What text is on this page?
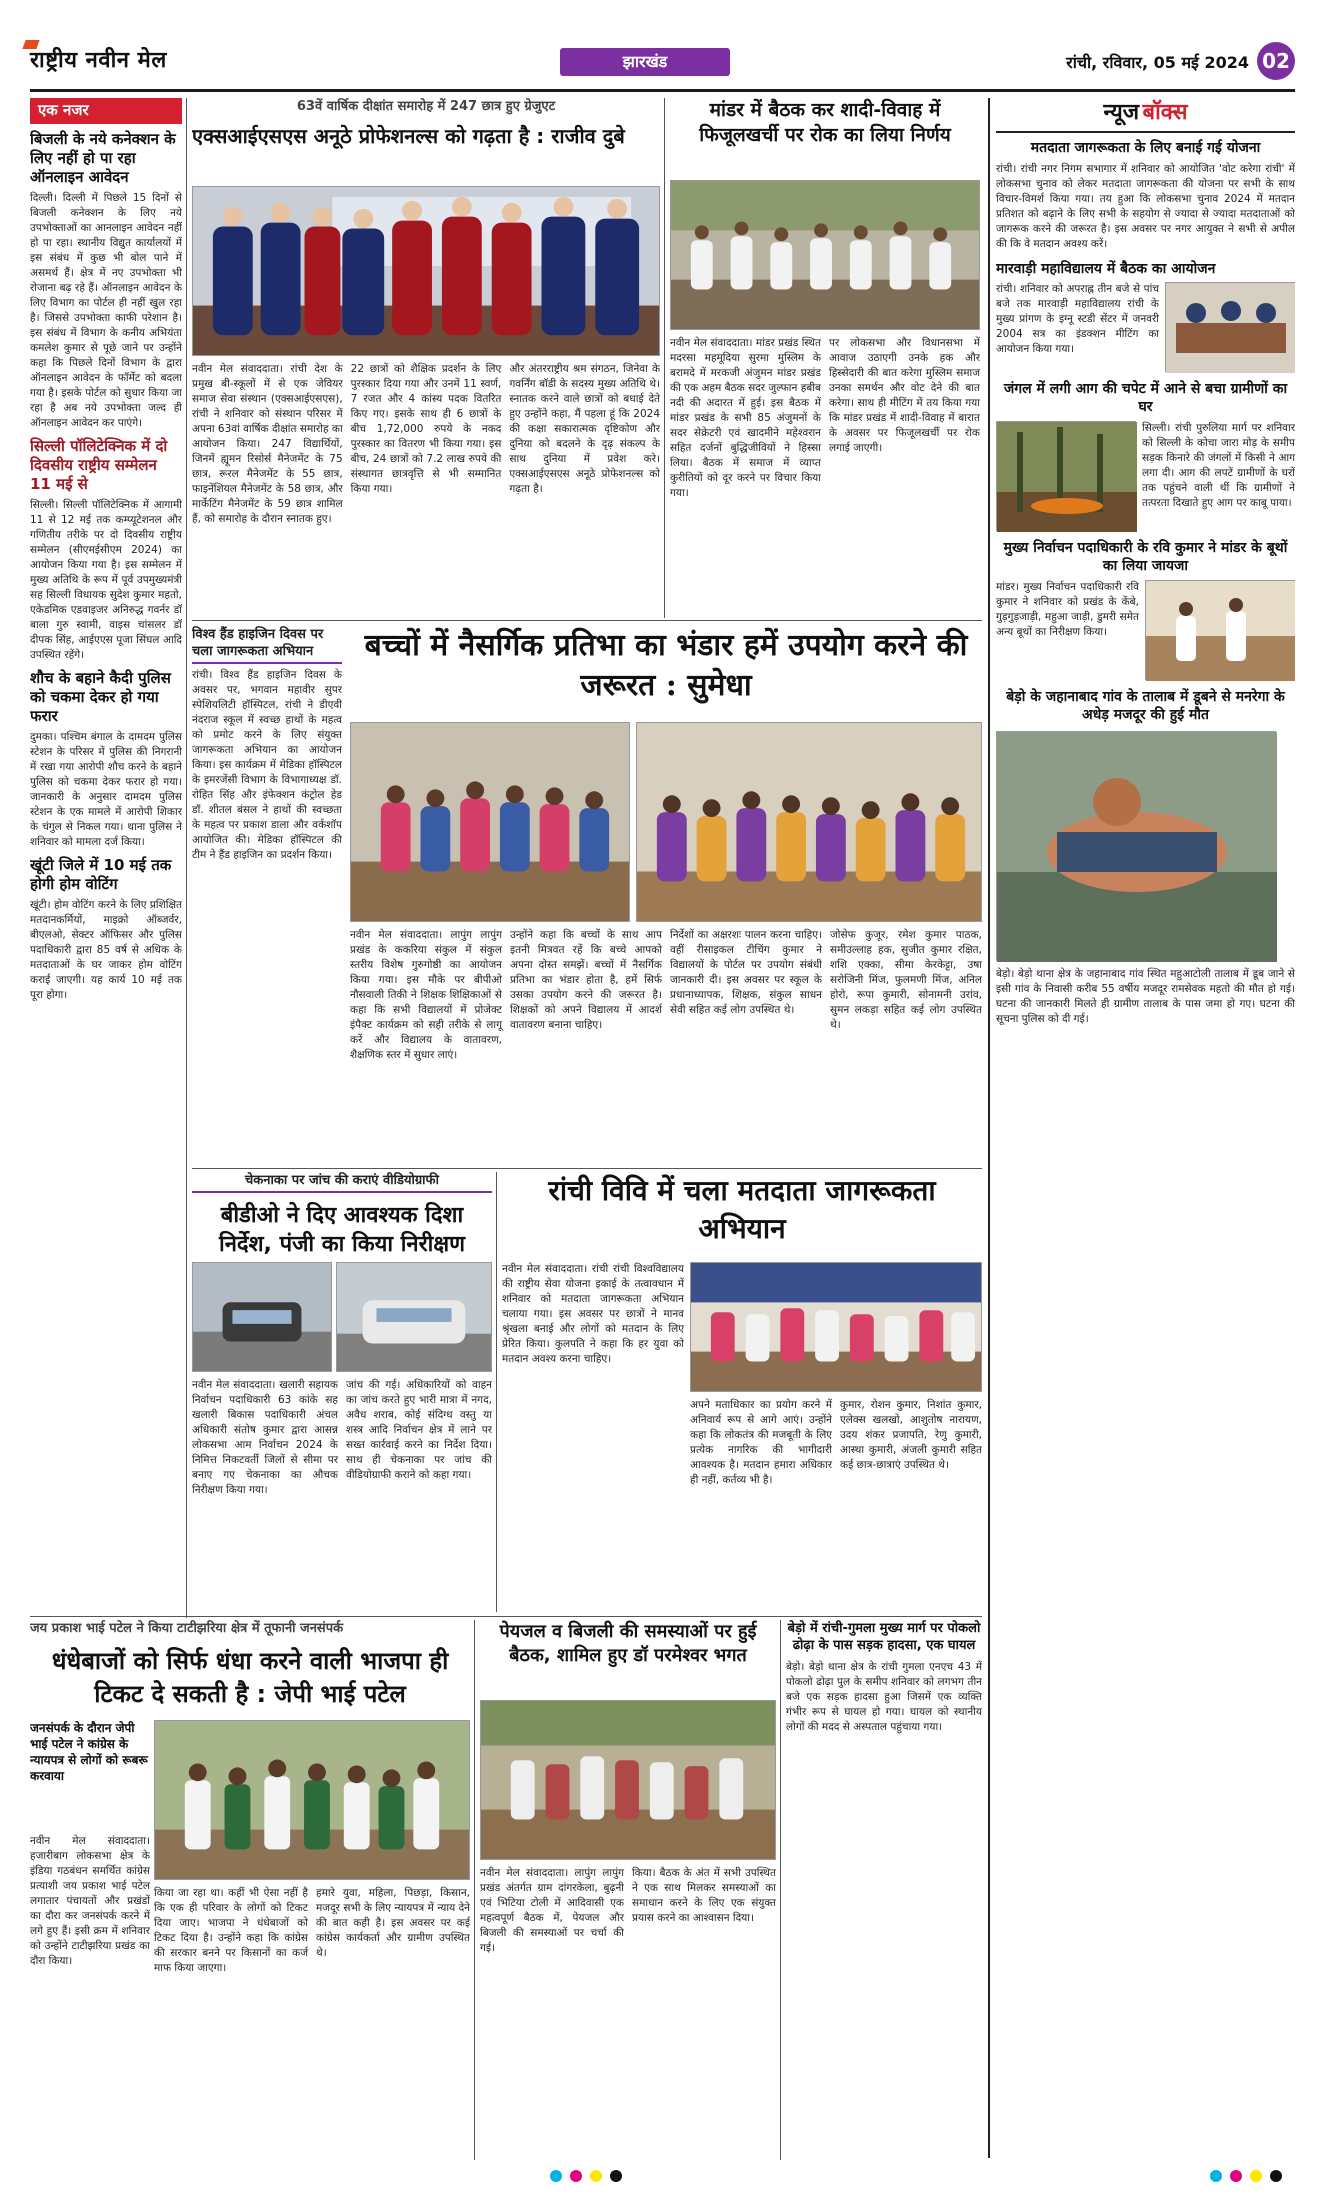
राष्ट्रीय नवीन मेल	झारखंड	रांची, रविवार, 05 मई 2024 02
एक नजर
बिजली के नये कनेक्शन के लिए नहीं हो पा रहा ऑनलाइन आवेदन
दिल्ली। दिल्ली में पिछले 15 दिनों से बिजली कनेक्शन के लिए नये उपभोक्ताओं का आनलाइन आवेदन नहीं हो पा रहा। स्थानीय विद्युत कार्यालयों में इस संबंध में कुछ भी बोल पाने में असमर्थ हैं। क्षेत्र में नए उपभोक्ता भी रोजाना बढ़ रहे हैं। ऑनलाइन आवेदन के लिए विभाग का पोर्टल ही नहीं खुल रहा है। जिससे उपभोक्ता काफी परेशान है। इस संबंध में विभाग के कनीय अभियंता कमलेश कुमार से पूछे जाने पर उन्होंने कहा कि पिछले दिनों विभाग के द्वारा ऑनलाइन आवेदन के फॉर्मेट को बदला गया है। इसके पोर्टल को सुधार किया जा रहा है अब नये उपभोक्ता जल्द ही ऑनलाइन आवेदन कर पाएंगे।
सिल्ली पॉलिटेक्निक में दो दिवसीय राष्ट्रीय सम्मेलन 11 मई से
सिल्ली। सिल्ली पॉलिटेक्निक में आगामी 11 से 12 मई तक कम्प्यूटेशनल और गणितीय तरीके पर दो दिवसीय राष्ट्रीय सम्मेलन (सीएमईसीएम 2024) का आयोजन किया गया है। इस सम्मेलन में मुख्य अतिथि के रूप में पूर्व उपमुख्यमंत्री सह सिल्ली विधायक सुदेश कुमार महतो, एकेडमिक एडवाइजर अनिरुद्ध गवर्नर डॉ बाला गुरु स्वामी, वाइस चांसलर डॉ दीपक सिंह, आईएएस पूजा सिंघल आदि उपस्थित रहेंगे।
शौच के बहाने कैदी पुलिस को चकमा देकर हो गया फरार
दुमका। पश्चिम बंगाल के दामदम पुलिस स्टेशन के परिसर में पुलिस की निगरानी में रखा गया आरोपी शौच करने के बहाने पुलिस को चकमा देकर फरार हो गया। जानकारी के अनुसार दामदम पुलिस स्टेशन के एक मामले में आरोपी शिकार के चंगुल से निकल गया। थाना पुलिस ने शनिवार को मामला दर्ज किया।
खूंटी जिले में 10 मई तक होगी होम वोटिंग
खूंटी। होम वोटिंग करने के लिए प्रशिक्षित मतदानकर्मियों, माइक्रो ऑब्जर्वर, बीएलओ, सेक्टर ऑफिसर और पुलिस पदाधिकारी द्वारा 85 वर्ष से अधिक के मतदाताओं के घर जाकर होम वोटिंग कराई जाएगी। यह कार्य 10 मई तक पूरा होगा।
63वें वार्षिक दीक्षांत समारोह में 247 छात्र हुए ग्रेजुएट
एक्सआईएसएस अनूठे प्रोफेशनल्स को गढ़ता है : राजीव दुबे
नवीन मेल संवाददाता। रांची देश के प्रमुख बी-स्कूलों में से एक जेवियर समाज सेवा संस्थान (एक्सआईएसएस), रांची ने शनिवार को संस्थान परिसर में अपना 63वां वार्षिक दीक्षांत समारोह का आयोजन किया। 247 विद्यार्थियों, जिनमें ह्यूमन रिसोर्स मैनेजमेंट के 75 छात्र, रूरल मैनेजमेंट के 55 छात्र, फाइनेंशियल मैनेजमेंट के 58 छात्र, और मार्केटिंग मैनेजमेंट के 59 छात्र शामिल हैं, को समारोह के दौरान स्नातक हुए।
22 छात्रों को शैक्षिक प्रदर्शन के लिए पुरस्कार दिया गया और उनमें 11 स्वर्ण, 7 रजत और 4 कांस्य पदक वितरित किए गए। इसके साथ ही 6 छात्रों के बीच 1,72,000 रुपये के नकद पुरस्कार का वितरण भी किया गया। इस बीच, 24 छात्रों को 7.2 लाख रुपये की संस्थागत छात्रवृत्ति से भी सम्मानित किया गया।
और अंतरराष्ट्रीय श्रम संगठन, जिनेवा के गवर्निंग बॉडी के सदस्य मुख्य अतिथि थे। स्नातक करने वाले छात्रों को बधाई देते हुए उन्होंने कहा, मैं पहला हूं कि 2024 की कक्षा सकारात्मक दृष्टिकोण और दुनिया को बदलने के दृढ़ संकल्प के साथ दुनिया में प्रवेश करे। एक्सआईएसएस अनूठे प्रोफेशनल्स को गढ़ता है।
मांडर में बैठक कर शादी-विवाह में फिजूलखर्ची पर रोक का लिया निर्णय
नवीन मेल संवाददाता। मांडर प्रखंड स्थित मदरसा महमूदिया सुरमा मुस्लिम के बरामदे में मरकजी अंजुमन मांडर प्रखंड की एक अहम बैठक सदर जुल्फान हबीब नदी की अदारत में हुई। इस बैठक में मांडर प्रखंड के सभी 85 अंजुमनों के सदर सेक्रेटरी एवं खादमीने महेश्वरान सहित दर्जनों बुद्धिजीवियों ने हिस्सा लिया। बैठक में समाज में व्याप्त कुरीतियों को दूर करने पर विचार किया गया।
पर लोकसभा और विधानसभा में आवाज उठाएगी उनके हक और हिस्सेदारी की बात करेगा मुस्लिम समाज उनका समर्थन और वोट देने की बात करेगा। साथ ही मीटिंग में तय किया गया कि मांडर प्रखंड में शादी-विवाह में बारात के अवसर पर फिजूलखर्ची पर रोक लगाई जाएगी।
न्यूज बॉक्स
मतदाता जागरूकता के लिए बनाई गई योजना
रांची। रांची नगर निगम सभागार में शनिवार को आयोजित 'वोट करेगा रांची' में लोकसभा चुनाव को लेकर मतदाता जागरूकता की योजना पर सभी के साथ विचार-विमर्श किया गया। तय हुआ कि लोकसभा चुनाव 2024 में मतदान प्रतिशत को बढ़ाने के लिए सभी के सहयोग से ज्यादा से ज्यादा मतदाताओं को जागरूक करने की जरूरत है। इस अवसर पर नगर आयुक्त ने सभी से अपील की कि वे मतदान अवश्य करें।
मारवाड़ी महाविद्यालय में बैठक का आयोजन
रांची। शनिवार को अपराह्न तीन बजे से पांच बजे तक मारवाड़ी महाविद्यालय रांची के मुख्य प्रांगण के इग्नू स्टडी सेंटर में जनवरी 2004 सत्र का इंडक्शन मीटिंग का आयोजन किया गया।
जंगल में लगी आग की चपेट में आने से बचा ग्रामीणों का घर
सिल्ली। रांची पुरुलिया मार्ग पर शनिवार को सिल्ली के कोचा जारा मोड़ के समीप सड़क किनारे की जंगलों में किसी ने आग लगा दी। आग की लपटें ग्रामीणों के घरों तक पहुंचने वाली थीं कि ग्रामीणों ने तत्परता दिखाते हुए आग पर काबू पाया।
मुख्य निर्वाचन पदाधिकारी के रवि कुमार ने मांडर के बूथों का लिया जायजा
मांडर। मुख्य निर्वाचन पदाधिकारी रवि कुमार ने शनिवार को प्रखंड के केंबे, गुड़गुड़जाड़ी, महुआ जाड़ी, डुमरी समेत अन्य बूथों का निरीक्षण किया।
बेड़ो के जहानाबाद गांव के तालाब में डूबने से मनरेगा के अधेड़ मजदूर की हुई मौत
बेड़ो। बेड़ो थाना क्षेत्र के जहानाबाद गांव स्थित महुआटोली तालाब में डूब जाने से इसी गांव के निवासी करीब 55 वर्षीय मजदूर रामसेवक महतो की मौत हो गई। घटना की जानकारी मिलते ही ग्रामीण तालाब के पास जमा हो गए। घटना की सूचना पुलिस को दी गई।
विश्व हैंड हाइजिन दिवस पर चला जागरूकता अभियान
रांची। विश्व हैंड हाइजिन दिवस के अवसर पर, भगवान महावीर सुपर स्पेशियलिटी हॉस्पिटल, रांची ने डीएवी नंदराज स्कूल में स्वच्छ हाथों के महत्व को प्रमोट करने के लिए संयुक्त जागरूकता अभियान का आयोजन किया। इस कार्यक्रम में मेडिका हॉस्पिटल के इमरजेंसी विभाग के विभागाध्यक्ष डॉ. रोहित सिंह और इंफेक्शन कंट्रोल हेड डॉ. शीतल बंसल ने हाथों की स्वच्छता के महत्व पर प्रकाश डाला और वर्कशॉप आयोजित की। मेडिका हॉस्पिटल की टीम ने हैंड हाइजिन का प्रदर्शन किया।
बच्चों में नैसर्गिक प्रतिभा का भंडार हमें उपयोग करने की जरूरत : सुमेधा
नवीन मेल संवाददाता। लापुंग लापुंग प्रखंड के ककरिया संकुल में संकुल स्तरीय विशेष गुरुगोष्ठी का आयोजन किया गया। इस मौके पर बीपीओ नौसवाली तिकी ने शिक्षक शिक्षिकाओं से कहा कि सभी विद्यालयों में प्रोजेक्ट इंपैक्ट कार्यक्रम को सही तरीके से लागू करें और विद्यालय के वातावरण, शैक्षणिक स्तर में सुधार लाएं।
उन्होंने कहा कि बच्चों के साथ आप इतनी मित्रवत रहें कि बच्चे आपको अपना दोस्त समझें। बच्चों में नैसर्गिक प्रतिभा का भंडार होता है, हमें सिर्फ उसका उपयोग करने की जरूरत है। शिक्षकों को अपने विद्यालय में आदर्श वातावरण बनाना चाहिए।
निर्देशों का अक्षरशः पालन करना चाहिए। वहीं रीसाइकल टीचिंग कुमार ने विद्यालयों के पोर्टल पर उपयोग संबंधी जानकारी दी। इस अवसर पर स्कूल के प्रधानाध्यापक, शिक्षक, संकुल साधन सेवी सहित कई लोग उपस्थित थे।
जोसेफ कुजूर, रमेश कुमार पाठक, समीउल्लाह हक, सुजीत कुमार रक्षित, शशि एक्का, सीमा केरकेट्टा, उषा सरोजिनी मिंज, फुलमणी मिंज, अनिल होरो, रूपा कुमारी, सोनामनी उरांव, सुमन लकड़ा सहित कई लोग उपस्थित थे।
चेकनाका पर जांच की कराएं वीडियोग्राफी
बीडीओ ने दिए आवश्यक दिशा निर्देश, पंजी का किया निरीक्षण
नवीन मेल संवाददाता। खलारी सहायक निर्वाचन पदाधिकारी 63 कांके सह खलारी बिकास पदाधिकारी अंचल अधिकारी संतोष कुमार द्वारा आसन्न लोकसभा आम निर्वाचन 2024 के निमित्त निकटवर्ती जिलों से सीमा पर बनाए गए चेकनाका का औचक निरीक्षण किया गया।
जांच की गई। अधिकारियों को वाहन का जांच करते हुए भारी मात्रा में नगद, अवैध शराब, कोई संदिग्ध वस्तु या शस्त्र आदि निर्वाचन क्षेत्र में लाने पर सख्त कार्रवाई करने का निर्देश दिया। साथ ही चेकनाका पर जांच की वीडियोग्राफी कराने को कहा गया।
रांची विवि में चला मतदाता जागरूकता अभियान
नवीन मेल संवाददाता। रांची रांची विश्वविद्यालय की राष्ट्रीय सेवा योजना इकाई के तत्वावधान में शनिवार को मतदाता जागरूकता अभियान चलाया गया। इस अवसर पर छात्रों ने मानव श्रृंखला बनाई और लोगों को मतदान के लिए प्रेरित किया। कुलपति ने कहा कि हर युवा को मतदान अवश्य करना चाहिए।
अपने मताधिकार का प्रयोग करने में अनिवार्य रूप से आगे आएं। उन्होंने कहा कि लोकतंत्र की मजबूती के लिए प्रत्येक नागरिक की भागीदारी आवश्यक है। मतदान हमारा अधिकार ही नहीं, कर्तव्य भी है।
कुमार, रोशन कुमार, निशांत कुमार, एलेक्स खलखो, आशुतोष नारायण, उदय शंकर प्रजापति, रेणु कुमारी, आस्था कुमारी, अंजली कुमारी सहित कई छात्र-छात्राएं उपस्थित थे।
जय प्रकाश भाई पटेल ने किया टाटीझरिया क्षेत्र में तूफानी जनसंपर्क
धंधेबाजों को सिर्फ धंधा करने वाली भाजपा ही टिकट दे सकती है : जेपी भाई पटेल
जनसंपर्क के दौरान जेपी भाई पटेल ने कांग्रेस के न्यायपत्र से लोगों को रूबरू करवाया
नवीन मेल संवाददाता। हजारीबाग लोकसभा क्षेत्र के इंडिया गठबंधन समर्थित कांग्रेस प्रत्याशी जय प्रकाश भाई पटेल लगातार पंचायतों और प्रखंडों का दौरा कर जनसंपर्क करने में लगे हुए हैं। इसी क्रम में शनिवार को उन्होंने टाटीझरिया प्रखंड का दौरा किया।
किया जा रहा था। कहीं भी ऐसा नहीं है कि एक ही परिवार के लोगों को टिकट दिया जाए। भाजपा ने धंधेबाजों को टिकट दिया है। उन्होंने कहा कि कांग्रेस की सरकार बनने पर किसानों का कर्ज माफ किया जाएगा।
हमारे युवा, महिला, पिछड़ा, किसान, मजदूर सभी के लिए न्यायपत्र में न्याय देने की बात कही है। इस अवसर पर कई कांग्रेस कार्यकर्ता और ग्रामीण उपस्थित थे।
पेयजल व बिजली की समस्याओं पर हुई बैठक, शामिल हुए डॉ परमेश्वर भगत
नवीन मेल संवाददाता। लापुंग लापुंग प्रखंड अंतर्गत ग्राम दांगरकेला, बुढ़नी एवं भिटिया टोली में आदिवासी एक महत्वपूर्ण बैठक में, पेयजल और बिजली की समस्याओं पर चर्चा की गई।
किया। बैठक के अंत में सभी उपस्थित ने एक साथ मिलकर समस्याओं का समाधान करने के लिए एक संयुक्त प्रयास करने का आश्वासन दिया।
बेड़ो में रांची-गुमला मुख्य मार्ग पर पोकलो ढोढ़ा के पास सड़क हादसा, एक घायल
बेड़ो। बेड़ो थाना क्षेत्र के रांची गुमला एनएच 43 में पोकलो ढोढ़ा पुल के समीप शनिवार को लगभग तीन बजे एक सड़क हादसा हुआ जिसमें एक व्यक्ति गंभीर रूप से घायल हो गया। घायल को स्थानीय लोगों की मदद से अस्पताल पहुंचाया गया।
